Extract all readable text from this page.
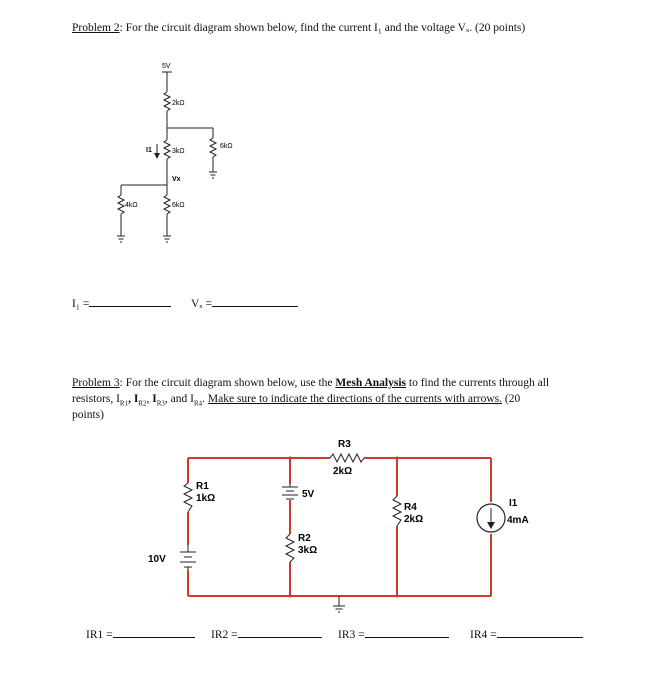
Problem 2: For the circuit diagram shown below, find the current I₁ and the voltage Vₓ. (20 points)
5V
2kΩ
6kΩ
3kΩ
I1
Vx
4kΩ	6kΩ
I₁ =	Vₓ =
Problem 3: For the circuit diagram shown below, use the Mesh Analysis to find the currents through all
resistors, $I_{R1}$, $I_{R2}$, $I_{R3}$, and $I_{R4}$. Make sure to indicate the directions of the currents with arrows. (20
points)
R1
1kΩ
10V
5V
R2
3kΩ
R3
2kΩ
R4
2kΩ
I1
4mA
IR1 =	IR2 =	IR3 =	IR4 =
